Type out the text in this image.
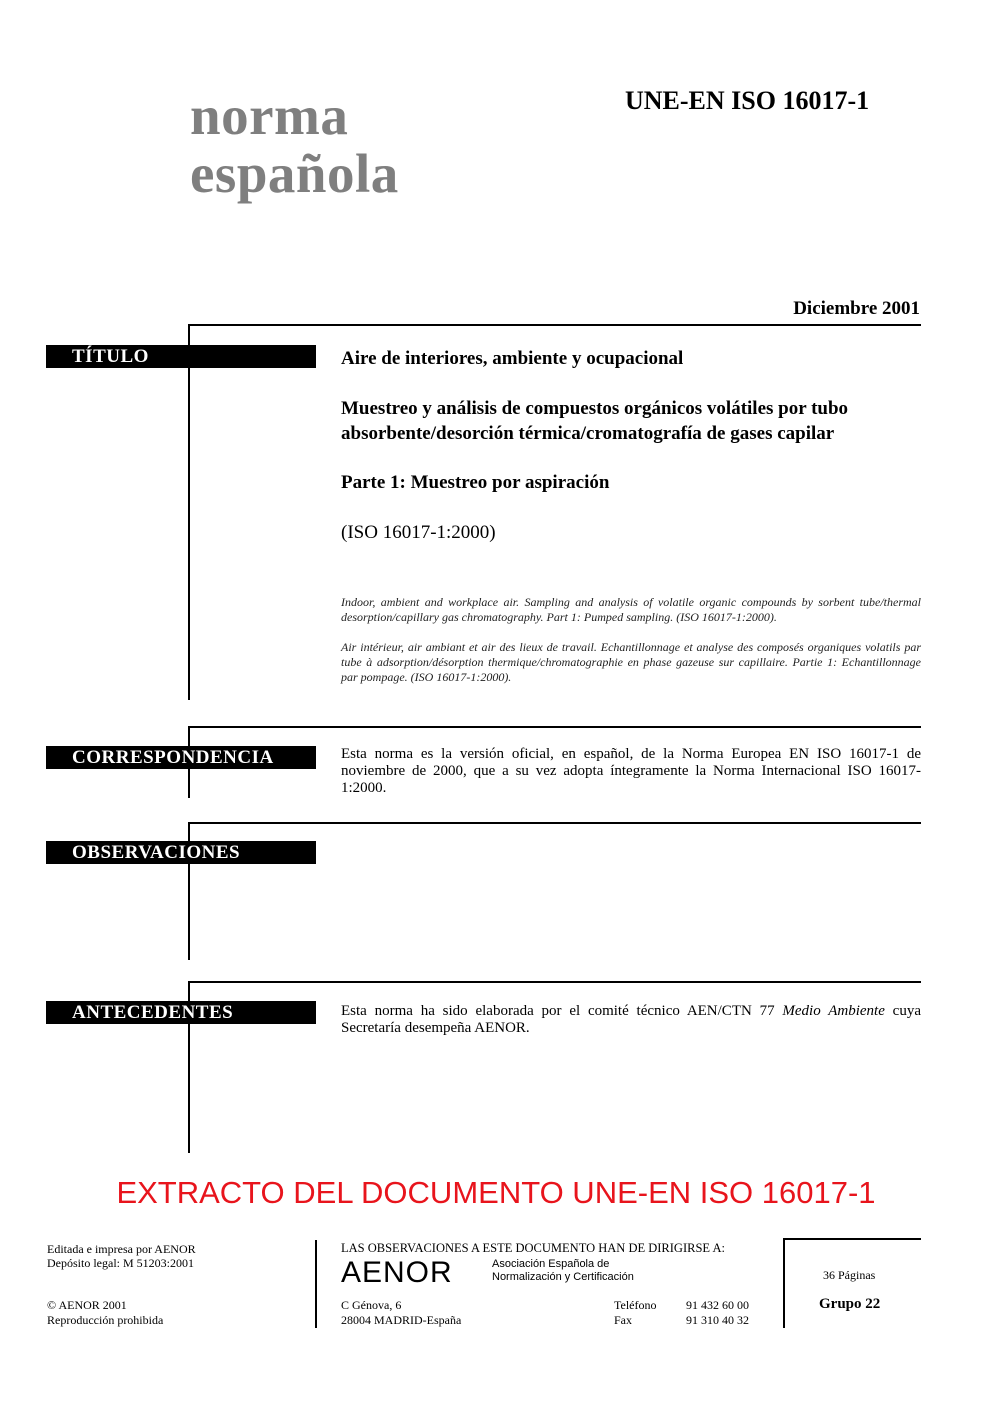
norma
española
UNE-EN ISO 16017-1
Diciembre 2001
TÍTULO	Aire de interiores, ambiente y ocupacional
Muestreo y análisis de compuestos orgánicos volátiles por tubo
absorbente/desorción térmica/cromatografía de gases capilar
Parte 1: Muestreo por aspiración
(ISO 16017-1:2000)
Indoor, ambient and workplace air. Sampling and analysis of volatile organic compounds by sorbent tube/thermal desorption/capillary gas chromatography. Part 1: Pumped sampling. (ISO 16017-1:2000).
Air intérieur, air ambiant et air des lieux de travail. Echantillonnage et analyse des composés organiques volatils par tube à adsorption/désorption thermique/chromatographie en phase gazeuse sur capillaire. Partie 1: Echantillonnage par pompage. (ISO 16017-1:2000).
CORRESPONDENCIA	Esta norma es la versión oficial, en español, de la Norma Europea EN ISO 16017-1 de noviembre de 2000, que a su vez adopta íntegramente la Norma Internacional ISO 16017-1:2000.
OBSERVACIONES
ANTECEDENTES	Esta norma ha sido elaborada por el comité técnico AEN/CTN 77 Medio Ambiente cuya Secretaría desempeña AENOR.
EXTRACTO DEL DOCUMENTO UNE-EN ISO 16017-1
Editada e impresa por AENOR
Depósito legal: M 51203:2001
© AENOR 2001
Reproducción prohibida
LAS OBSERVACIONES A ESTE DOCUMENTO HAN DE DIRIGIRSE A:
AENOR	Asociación Española de
Normalización y Certificación
C Génova, 6
28004 MADRID-España
Teléfono 91 432 60 00
Fax	91 310 40 32
36 Páginas
Grupo 22
